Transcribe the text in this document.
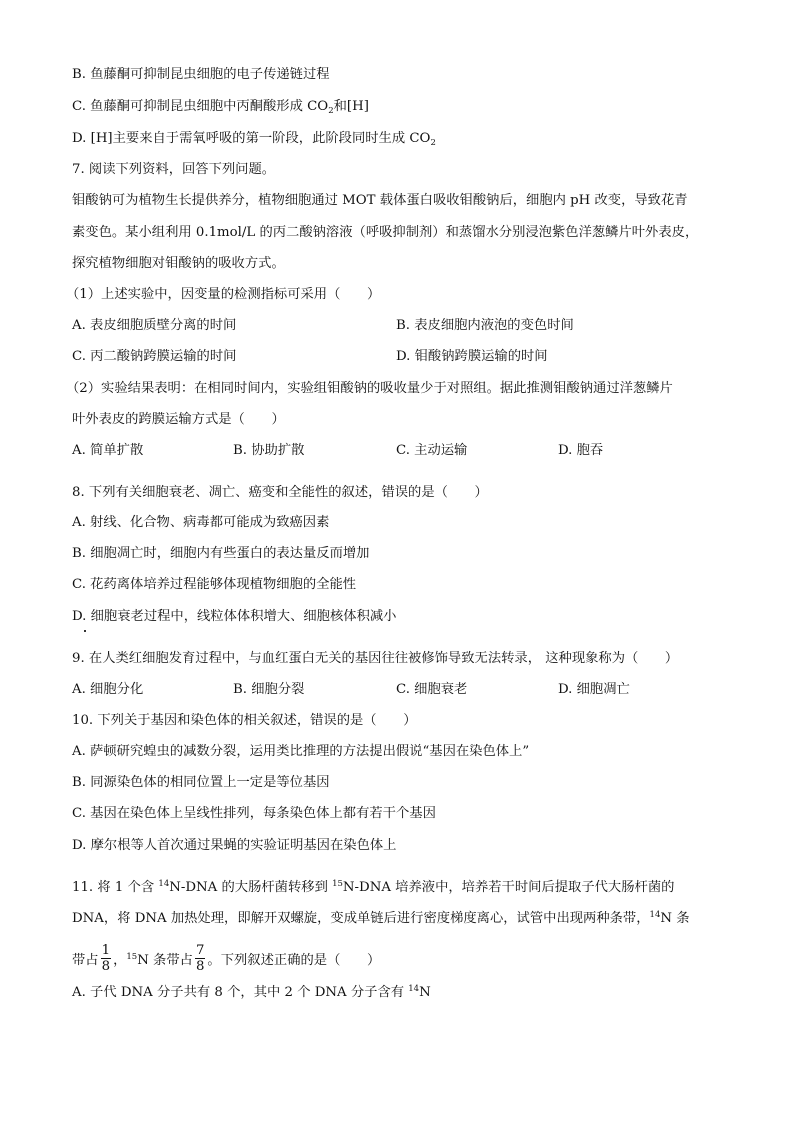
B. 鱼藤酮可抑制昆虫细胞的电子传递链过程
C. 鱼藤酮可抑制昆虫细胞中丙酮酸形成 $CO_2$和[H]
D. [H]主要来自于需氧呼吸的第一阶段，此阶段同时生成 $CO_2$
7. 阅读下列资料，回答下列问题。
钼酸钠可为植物生长提供养分，植物细胞通过 MOT 载体蛋白吸收钼酸钠后，细胞内 pH 改变，导致花青
素变色。某小组利用 0.1mol/L 的丙二酸钠溶液（呼吸抑制剂）和蒸馏水分别浸泡紫色洋葱鳞片叶外表皮，
探究植物细胞对钼酸钠的吸收方式。
（1）上述实验中，因变量的检测指标可采用（　　）
A. 表皮细胞质壁分离的时间	B. 表皮细胞内液泡的变色时间
C. 丙二酸钠跨膜运输的时间	D. 钼酸钠跨膜运输的时间
（2）实验结果表明：在相同时间内，实验组钼酸钠的吸收量少于对照组。据此推测钼酸钠通过洋葱鳞片
叶外表皮的跨膜运输方式是（　　）
A. 简单扩散	B. 协助扩散	C. 主动运输	D. 胞吞
8. 下列有关细胞衰老、凋亡、癌变和全能性的叙述，错误的是（　　）
A. 射线、化合物、病毒都可能成为致癌因素
B. 细胞凋亡时，细胞内有些蛋白的表达量反而增加
C. 花药离体培养过程能够体现植物细胞的全能性
D. 细胞衰老过程中，线粒体体积增大、细胞核体积减小
9. 在人类红细胞发育过程中，与血红蛋白无关的基因往往被修饰导致无法转录， 这种现象称为（　　）
A. 细胞分化	B. 细胞分裂	C. 细胞衰老	D. 细胞凋亡
10. 下列关于基因和染色体的相关叙述，错误的是（　　）
A. 萨顿研究蝗虫的减数分裂，运用类比推理的方法提出假说“基因在染色体上”
B. 同源染色体的相同位置上一定是等位基因
C. 基因在染色体上呈线性排列，每条染色体上都有若干个基因
D. 摩尔根等人首次通过果蝇的实验证明基因在染色体上
11. 将 1 个含 $^{14}$N-DNA 的大肠杆菌转移到 $^{15}$N-DNA 培养液中，培养若干时间后提取子代大肠杆菌的
DNA，将 DNA 加热处理，即解开双螺旋，变成单链后进行密度梯度离心，试管中出现两种条带，$^{14}$N 条
带占 $\frac{1}{8}$ ，$^{15}$N 条带占 $\frac{7}{8}$ 。下列叙述正确的是（　　）
A. 子代 DNA 分子共有 8 个，其中 2 个 DNA 分子含有 $^{14}$N
